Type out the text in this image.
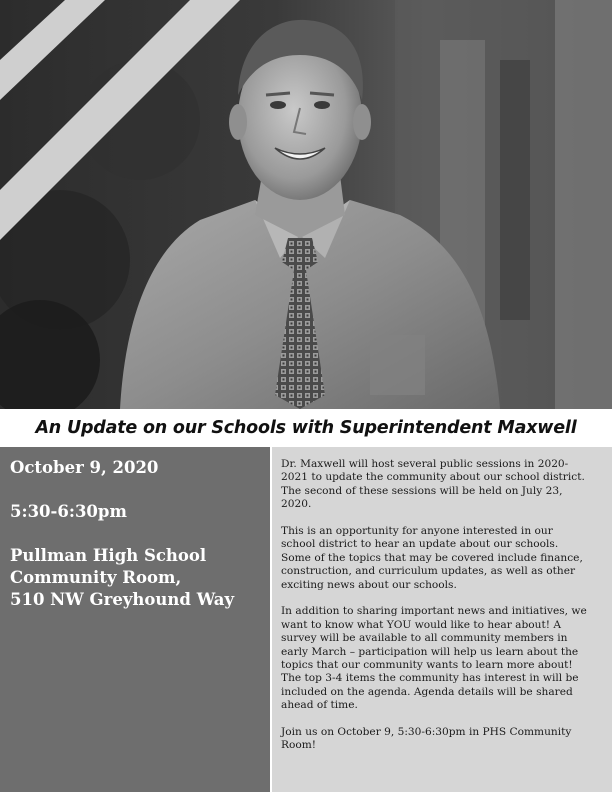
An Update on our Schools with Superintendent Maxwell
October 9, 2020
5:30-6:30pm
Pullman High School
Community Room,
510 NW Greyhound Way
Dr. Maxwell will host several public sessions in 2020-
2021 to update the community about our school district.
The second of these sessions will be held on July 23,
2020.
This is an opportunity for anyone interested in our
school district to hear an update about our schools.
Some of the topics that may be covered include finance,
construction, and curriculum updates, as well as other
exciting news about our schools.
In addition to sharing important news and initiatives, we
want to know what YOU would like to hear about! A
survey will be available to all community members in
early March – participation will help us learn about the
topics that our community wants to learn more about!
The top 3-4 items the community has interest in will be
included on the agenda. Agenda details will be shared
ahead of time.
Join us on October 9, 5:30-6:30pm in PHS Community
Room!
